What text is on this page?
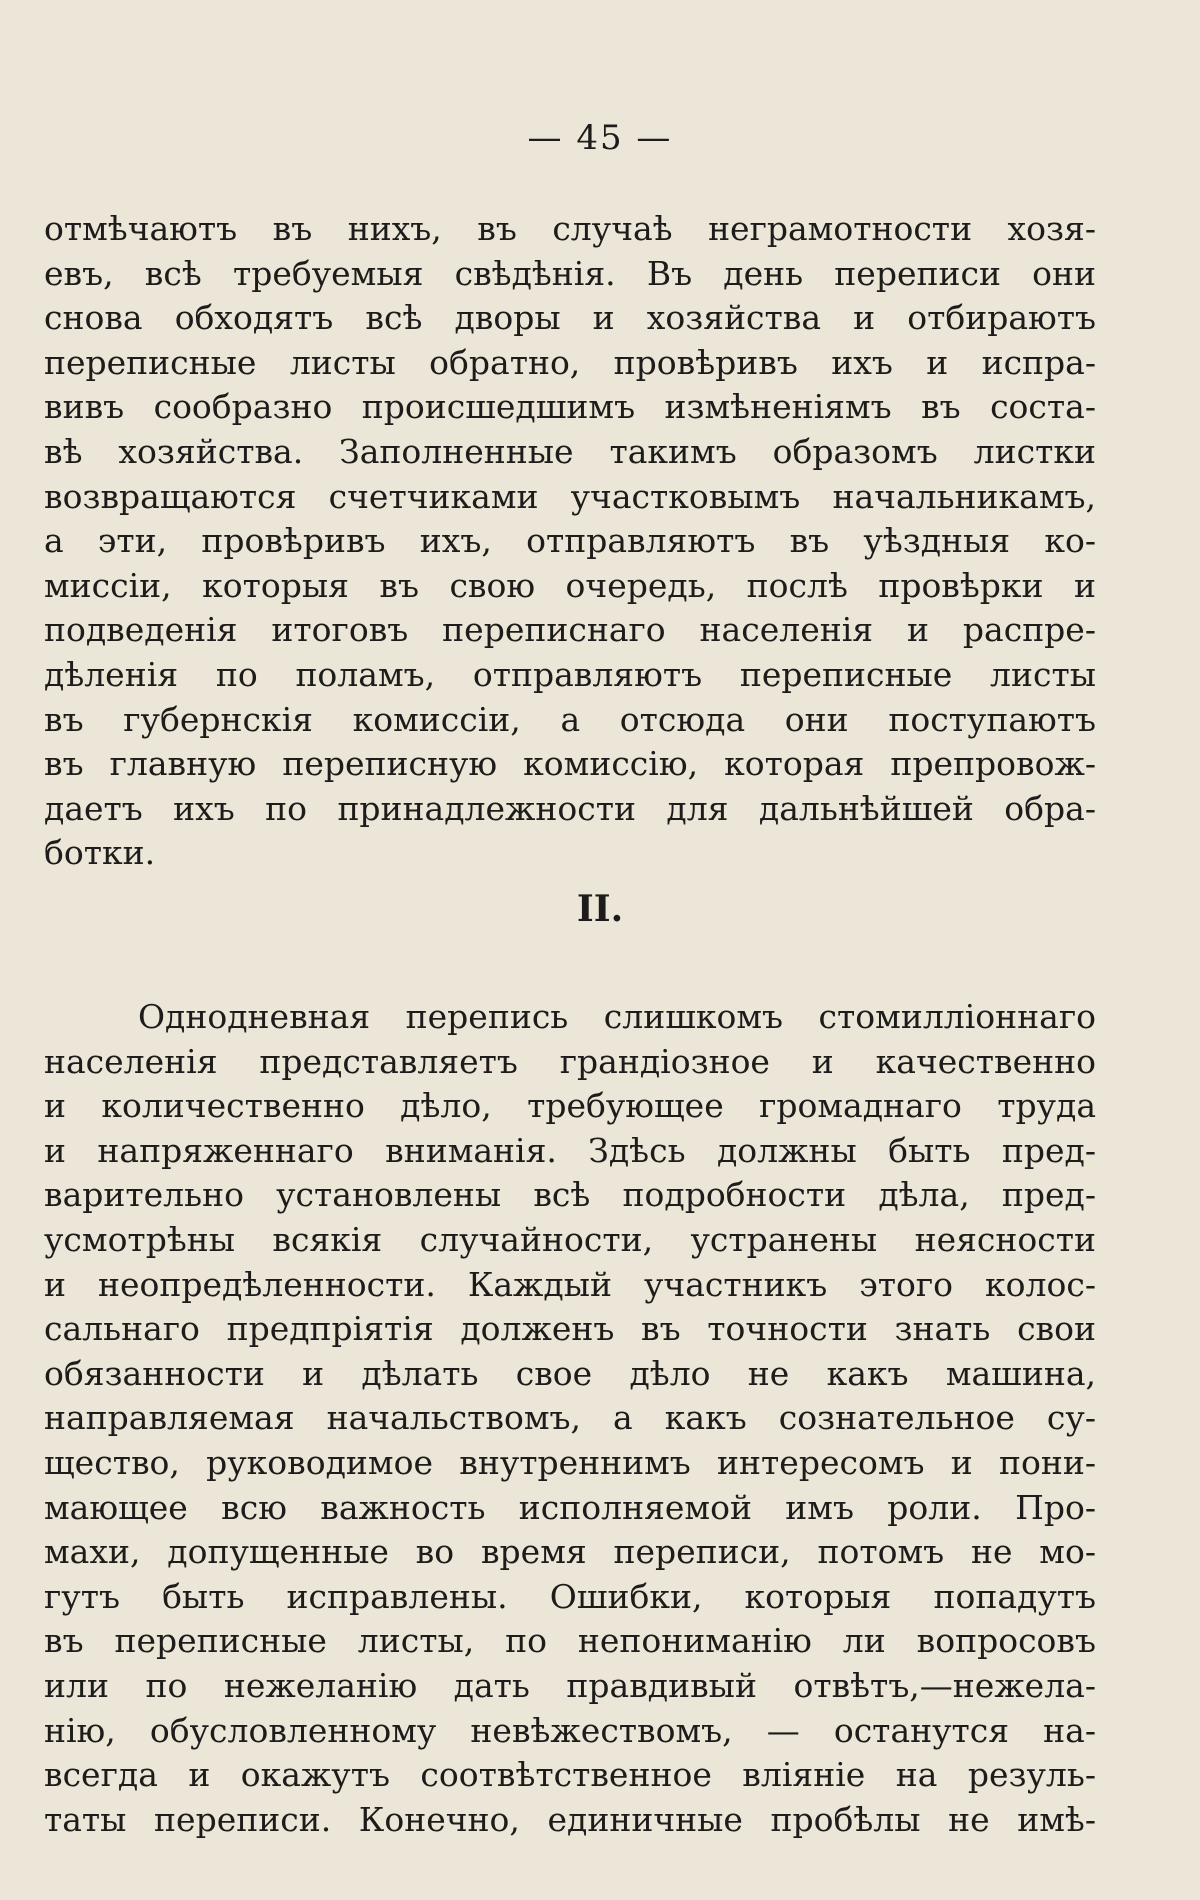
— 45 —
отмѣчаютъ въ нихъ, въ случаѣ неграмотности хозя-
евъ, всѣ требуемыя свѣдѣнія. Въ день переписи они
снова обходятъ всѣ дворы и хозяйства и отбираютъ
переписные листы обратно, провѣривъ ихъ и испра-
вивъ сообразно происшедшимъ измѣненіямъ въ соста-
вѣ хозяйства. Заполненные такимъ образомъ листки
возвращаются счетчиками участковымъ начальникамъ,
а эти, провѣривъ ихъ, отправляютъ въ уѣздныя ко-
миссіи, которыя въ свою очередь, послѣ провѣрки и
подведенія итоговъ переписнаго населенія и распре-
дѣленія по поламъ, отправляютъ переписные листы
въ губернскія комиссіи, а отсюда они поступаютъ
въ главную переписную комиссію, которая препровож-
даетъ ихъ по принадлежности для дальнѣйшей обра-
ботки.
II.
Однодневная перепись слишкомъ стомилліоннаго
населенія представляетъ грандіозное и качественно
и количественно дѣло, требующее громаднаго труда
и напряженнаго вниманія. Здѣсь должны быть пред-
варительно установлены всѣ подробности дѣла, пред-
усмотрѣны всякія случайности, устранены неясности
и неопредѣленности. Каждый участникъ этого колос-
сальнаго предпріятія долженъ въ точности знать свои
обязанности и дѣлать свое дѣло не какъ машина,
направляемая начальствомъ, а какъ сознательное су-
щество, руководимое внутреннимъ интересомъ и пони-
мающее всю важность исполняемой имъ роли. Про-
махи, допущенные во время переписи, потомъ не мо-
гутъ быть исправлены. Ошибки, которыя попадутъ
въ переписные листы, по непониманію ли вопросовъ
или по нежеланію дать правдивый отвѣтъ,—нежела-
нію, обусловленному невѣжествомъ, — останутся на-
всегда и окажутъ соотвѣтственное вліяніе на резуль-
таты переписи. Конечно, единичные пробѣлы не имѣ-
